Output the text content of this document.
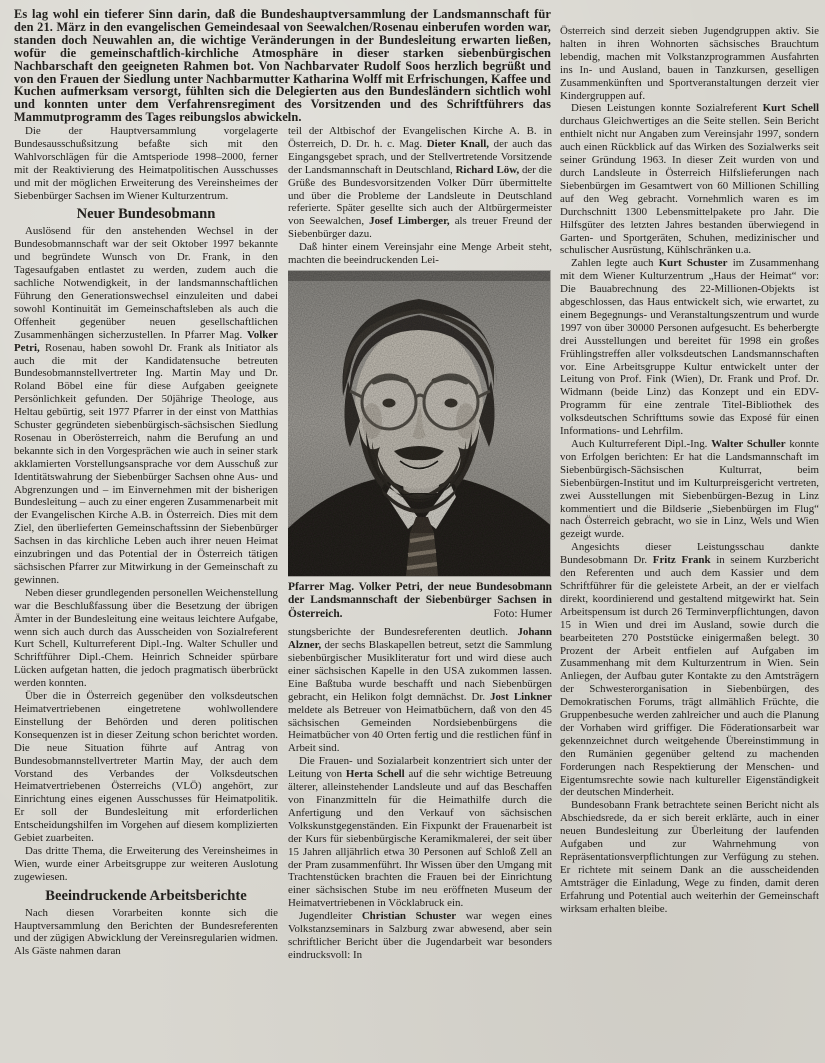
Es lag wohl ein tieferer Sinn darin, daß die Bundeshauptversammlung der Landsmannschaft für den 21. März in den evangelischen Gemeindesaal von Seewalchen/Rosenau einberufen worden war, standen doch Neuwahlen an, die wichtige Veränderungen in der Bundesleitung erwarten ließen, wofür die gemeinschaftlich-kirchliche Atmosphäre in dieser starken siebenbürgischen Nachbarschaft den geeigneten Rahmen bot. Von Nachbarvater Rudolf Soos herzlich begrüßt und von den Frauen der Siedlung unter Nachbarmutter Katharina Wolff mit Erfrischungen, Kaffee und Kuchen aufmerksam versorgt, fühlten sich die Delegierten aus den Bundesländern sichtlich wohl und konnten unter dem Verfahrensregiment des Vorsitzenden und des Schriftführers das Mammutprogramm des Tages reibungslos abwickeln.

Die der Hauptversammlung vorgelagerte Bundesausschußsitzung befaßte sich mit den Wahlvorschlägen für die Amtsperiode 1998–2000, ferner mit der Reaktivierung des Heimatpolitischen Ausschusses und mit der möglichen Erweiterung des Vereinsheimes der Siebenbürger Sachsen im Wiener Kulturzentrum.

Neuer Bundesobmann

Auslösend für den anstehenden Wechsel in der Bundesobmannschaft war der seit Oktober 1997 bekannte und begründete Wunsch von Dr. Frank, in den Tagesaufgaben entlastet zu werden, zudem auch die sachliche Notwendigkeit, in der landsmannschaftlichen Führung den Generationswechsel einzuleiten und dabei sowohl Kontinuität im Gemeinschaftsleben als auch die Offenheit gegenüber neuen gesellschaftlichen Zusammenhängen sicherzustellen. In Pfarrer Mag. Volker Petri, Rosenau, haben sowohl Dr. Frank als Initiator als auch die mit der Kandidatensuche betreuten Bundesobmannstellvertreter Ing. Martin May und Dr. Roland Böbel eine für diese Aufgaben geeignete Persönlichkeit gefunden. Der 50jährige Theologe, aus Heltau gebürtig, seit 1977 Pfarrer in der einst von Matthias Schuster gegründeten siebenbürgisch-sächsischen Siedlung Rosenau in Oberösterreich, nahm die Berufung an und bekannte sich in den Vorgesprächen wie auch in seiner stark akklamierten Vorstellungsansprache vor dem Ausschuß zur Identitätswahrung der Siebenbürger Sachsen ohne Aus- und Abgrenzungen und – im Einvernehmen mit der bisherigen Bundesleitung – auch zu einer engeren Zusammenarbeit mit der Evangelischen Kirche A.B. in Österreich. Dies mit dem Ziel, den überlieferten Gemeinschaftssinn der Siebenbürger Sachsen in das kirchliche Leben auch ihrer neuen Heimat einzubringen und das Potential der in Österreich tätigen sächsischen Pfarrer zur Mitwirkung in der Gemeinschaft zu gewinnen.

Neben dieser grundlegenden personellen Weichenstellung war die Beschlußfassung über die Besetzung der übrigen Ämter in der Bundesleitung eine weitaus leichtere Aufgabe, wenn sich auch durch das Ausscheiden von Sozialreferent Kurt Schell, Kulturreferent Dipl.-Ing. Walter Schuller und Schriftführer Dipl.-Chem. Heinrich Schneider spürbare Lücken aufgetan hatten, die jedoch pragmatisch überbrückt werden konnten.

Über die in Österreich gegenüber den volksdeutschen Heimatvertriebenen eingetretene wohlwollendere Einstellung der Behörden und deren politischen Konsequenzen ist in dieser Zeitung schon berichtet worden. Die neue Situation führte auf Antrag von Bundesobmannstellvertreter Martin May, der auch dem Vorstand des Verbandes der Volksdeutschen Heimatvertriebenen Österreichs (VLÖ) angehört, zur Einrichtung eines eigenen Ausschusses für Heimatpolitik. Er soll der Bundesleitung mit erforderlichen Entscheidungshilfen im Vorgehen auf diesem komplizierten Gebiet zuarbeiten.

Das dritte Thema, die Erweiterung des Vereinsheimes in Wien, wurde einer Arbeitsgruppe zur weiteren Auslotung zugewiesen.

Beeindruckende Arbeitsberichte

Nach diesen Vorarbeiten konnte sich die Hauptversammlung den Berichten der Bundesreferenten und der zügigen Abwicklung der Vereinsregularien widmen. Als Gäste nahmen daran

teil der Altbischof der Evangelischen Kirche A. B. in Österreich, D. Dr. h. c. Mag. Dieter Knall, der auch das Eingangsgebet sprach, und der Stellvertretende Vorsitzende der Landsmannschaft in Deutschland, Richard Löw, der die Grüße des Bundesvorsitzenden Volker Dürr übermittelte und über die Probleme der Landsleute in Deutschland referierte. Später gesellte sich auch der Altbürgermeister von Seewalchen, Josef Limberger, als treuer Freund der Siebenbürger dazu.

Daß hinter einem Vereinsjahr eine Menge Arbeit steht, machten die beeindruckenden Lei-

Pfarrer Mag. Volker Petri, der neue Bundesobmann der Landsmannschaft der Siebenbürger Sachsen in Österreich.	Foto: Humer

stungsberichte der Bundesreferenten deutlich. Johann Alzner, der sechs Blaskapellen betreut, setzt die Sammlung siebenbürgischer Musikliteratur fort und wird diese auch einer sächsischen Kapelle in den USA zukommen lassen. Eine Baßtuba wurde beschafft und nach Siebenbürgen gebracht, ein Helikon folgt demnächst. Dr. Jost Linkner meldete als Betreuer von Heimatbüchern, daß von den 45 sächsischen Gemeinden Nordsiebenbürgens die Heimatbücher von 40 Orten fertig und die restlichen fünf in Arbeit sind.

Die Frauen- und Sozialarbeit konzentriert sich unter der Leitung von Herta Schell auf die sehr wichtige Betreuung älterer, alleinstehender Landsleute und auf das Beschaffen von Finanzmitteln für die Heimathilfe durch die Anfertigung und den Verkauf von sächsischen Volkskunstgegenständen. Ein Fixpunkt der Frauenarbeit ist der Kurs für siebenbürgische Keramikmalerei, der seit über 15 Jahren alljährlich etwa 30 Personen auf Schloß Zell an der Pram zusammenführt. Ihr Wissen über den Umgang mit Trachtenstücken brachten die Frauen bei der Einrichtung einer sächsischen Stube im neu eröffneten Museum der Heimatvertriebenen in Vöcklabruck ein.

Jugendleiter Christian Schuster war wegen eines Volkstanzseminars in Salzburg zwar abwesend, aber sein schriftlicher Bericht über die Jugendarbeit war besonders eindrucksvoll: In

Österreich sind derzeit sieben Jugendgruppen aktiv. Sie halten in ihren Wohnorten sächsisches Brauchtum lebendig, machen mit Volkstanzprogrammen Ausfahrten ins In- und Ausland, bauen in Tanzkursen, geselligen Zusammenkünften und Sportveranstaltungen derzeit vier Kindergruppen auf.

Diesen Leistungen konnte Sozialreferent Kurt Schell durchaus Gleichwertiges an die Seite stellen. Sein Bericht enthielt nicht nur Angaben zum Vereinsjahr 1997, sondern auch einen Rückblick auf das Wirken des Sozialwerks seit seiner Gründung 1963. In dieser Zeit wurden von und durch Landsleute in Österreich Hilfslieferungen nach Siebenbürgen im Gesamtwert von 60 Millionen Schilling auf den Weg gebracht. Vornehmlich waren es im Durchschnitt 1300 Lebensmittelpakete pro Jahr. Die Hilfsgüter des letzten Jahres bestanden überwiegend in Garten- und Sportgeräten, Schuhen, medizinischer und schulischer Ausrüstung, Kühlschränken u.a.

Zahlen legte auch Kurt Schuster im Zusammenhang mit dem Wiener Kulturzentrum „Haus der Heimat“ vor: Die Bauabrechnung des 22-Millionen-Objekts ist abgeschlossen, das Haus entwickelt sich, wie erwartet, zu einem Begegnungs- und Veranstaltungszentrum und wurde 1997 von über 30000 Personen aufgesucht. Es beherbergte drei Ausstellungen und bereitet für 1998 ein großes Frühlingstreffen aller volksdeutschen Landsmannschaften vor. Eine Arbeitsgruppe Kultur entwickelt unter der Leitung von Prof. Fink (Wien), Dr. Frank und Prof. Dr. Widmann (beide Linz) das Konzept und ein EDV-Programm für eine zentrale Titel-Bibliothek des volksdeutschen Schrifttums sowie das Exposé für einen Informations- und Lehrfilm.

Auch Kulturreferent Dipl.-Ing. Walter Schuller konnte von Erfolgen berichten: Er hat die Landsmannschaft im Siebenbürgisch-Sächsischen Kulturrat, beim Siebenbürgen-Institut und im Kulturpreisgericht vertreten, zwei Ausstellungen mit Siebenbürgen-Bezug in Linz kommentiert und die Bildserie „Siebenbürgen im Flug“ nach Österreich gebracht, wo sie in Linz, Wels und Wien gezeigt wurde.

Angesichts dieser Leistungsschau dankte Bundesobmann Dr. Fritz Frank in seinem Kurzbericht den Referenten und auch dem Kassier und dem Schriftführer für die geleistete Arbeit, an der er vielfach direkt, koordinierend und gestaltend mitgewirkt hat. Sein Arbeitspensum ist durch 26 Terminverpflichtungen, davon 15 in Wien und drei im Ausland, sowie durch die bearbeiteten 270 Poststücke einigermaßen belegt. 30 Prozent der Arbeit entfielen auf Aufgaben im Zusammenhang mit dem Kulturzentrum in Wien. Sein Anliegen, der Aufbau guter Kontakte zu den Amtsträgern der Schwesterorganisation in Siebenbürgen, des Demokratischen Forums, trägt allmählich Früchte, die Gruppenbesuche werden zahlreicher und auch die Planung der Vorhaben wird griffiger. Die Föderationsarbeit war gekennzeichnet durch weitgehende Übereinstimmung in den Rumänien gegenüber geltend zu machenden Forderungen nach Respektierung der Menschen- und Eigentumsrechte sowie nach kultureller Eigenständigkeit der deutschen Minderheit.

Bundesobann Frank betrachtete seinen Bericht nicht als Abschiedsrede, da er sich bereit erklärte, auch in einer neuen Bundesleitung zur Überleitung der laufenden Aufgaben und zur Wahrnehmung von Repräsentationsverpflichtungen zur Verfügung zu stehen. Er richtete mit seinem Dank an die ausscheidenden Amtsträger die Einladung, Wege zu finden, damit deren Erfahrung und Potential auch weiterhin der Gemeinschaft wirksam erhalten bleibe.
